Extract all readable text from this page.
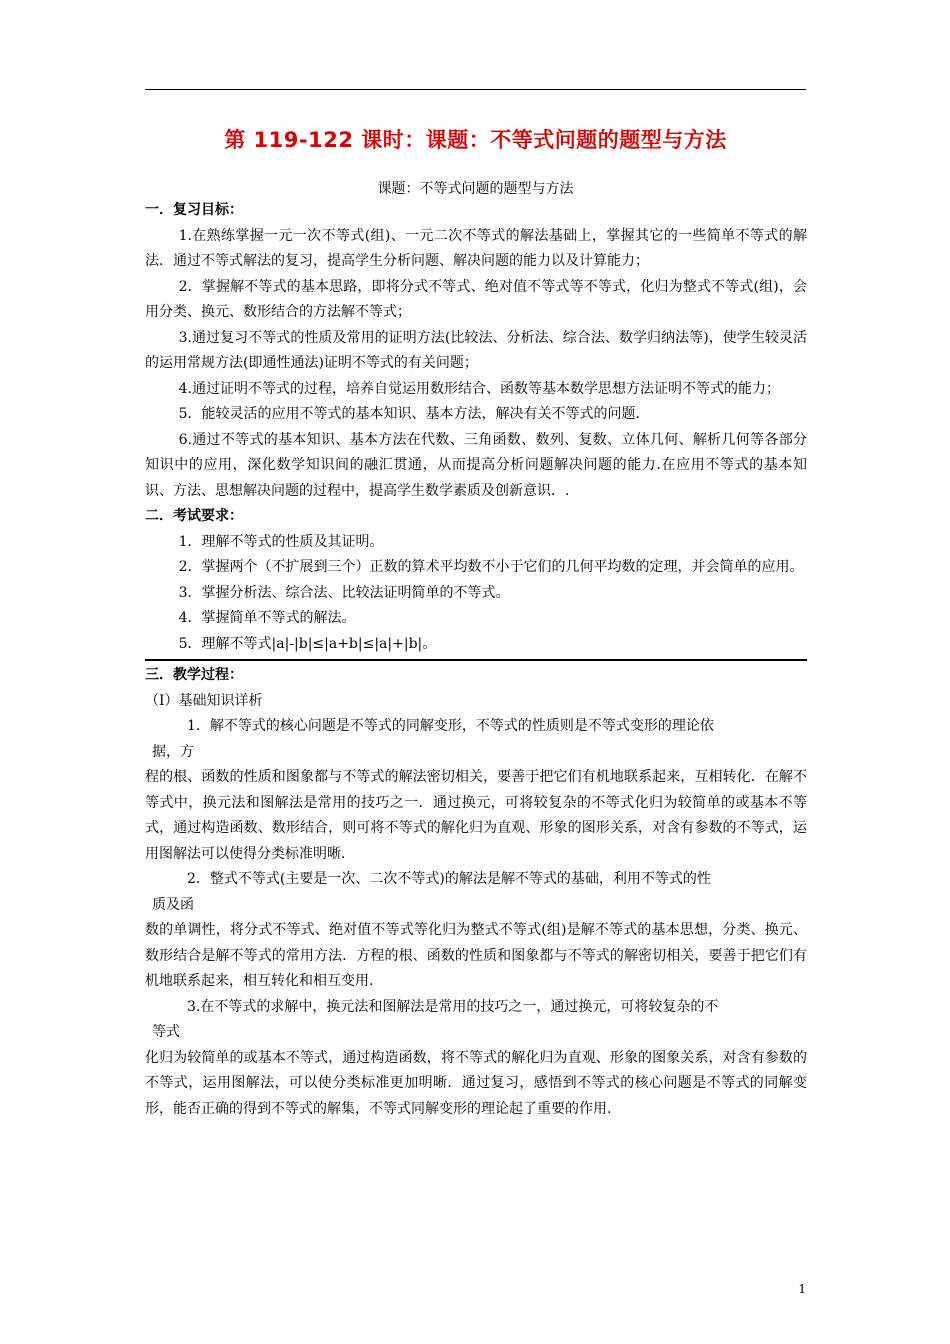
第 119-122 课时：课题：不等式问题的题型与方法
课题：不等式问题的题型与方法

一．复习目标：

1.在熟练掌握一元一次不等式(组)、一元二次不等式的解法基础上，掌握其它的一些简单不等式的解法．通过不等式解法的复习，提高学生分析问题、解决问题的能力以及计算能力；

2．掌握解不等式的基本思路，即将分式不等式、绝对值不等式等不等式，化归为整式不等式(组)，会用分类、换元、数形结合的方法解不等式；

3.通过复习不等式的性质及常用的证明方法(比较法、分析法、综合法、数学归纳法等)，使学生较灵活的运用常规方法(即通性通法)证明不等式的有关问题；

4.通过证明不等式的过程，培养自觉运用数形结合、函数等基本数学思想方法证明不等式的能力；

5．能较灵活的应用不等式的基本知识、基本方法，解决有关不等式的问题.

6.通过不等式的基本知识、基本方法在代数、三角函数、数列、复数、立体几何、解析几何等各部分知识中的应用，深化数学知识间的融汇贯通，从而提高分析问题解决问题的能力.在应用不等式的基本知识、方法、思想解决问题的过程中，提高学生数学素质及创新意识．.

二．考试要求：

1．理解不等式的性质及其证明。

2．掌握两个（不扩展到三个）正数的算术平均数不小于它们的几何平均数的定理，并会简单的应用。

3．掌握分析法、综合法、比较法证明简单的不等式。

4．掌握简单不等式的解法。

5．理解不等式|a|-|b|≤|a+b|≤|a|+|b|。

三．教学过程：

（Ⅰ）基础知识详析

1．解不等式的核心问题是不等式的同解变形，不等式的性质则是不等式变形的理论依

据，方

程的根、函数的性质和图象都与不等式的解法密切相关，要善于把它们有机地联系起来，互相转化．在解不等式中，换元法和图解法是常用的技巧之一．通过换元，可将较复杂的不等式化归为较简单的或基本不等式，通过构造函数、数形结合，则可将不等式的解化归为直观、形象的图形关系，对含有参数的不等式，运用图解法可以使得分类标准明晰.

2．整式不等式(主要是一次、二次不等式)的解法是解不等式的基础，利用不等式的性

质及函

数的单调性，将分式不等式、绝对值不等式等化归为整式不等式(组)是解不等式的基本思想，分类、换元、数形结合是解不等式的常用方法．方程的根、函数的性质和图象都与不等式的解密切相关，要善于把它们有机地联系起来，相互转化和相互变用.

3.在不等式的求解中，换元法和图解法是常用的技巧之一，通过换元，可将较复杂的不

等式

化归为较简单的或基本不等式，通过构造函数，将不等式的解化归为直观、形象的图象关系，对含有参数的不等式，运用图解法，可以使分类标准更加明晰．通过复习，感悟到不等式的核心问题是不等式的同解变形，能否正确的得到不等式的解集，不等式同解变形的理论起了重要的作用.

1
